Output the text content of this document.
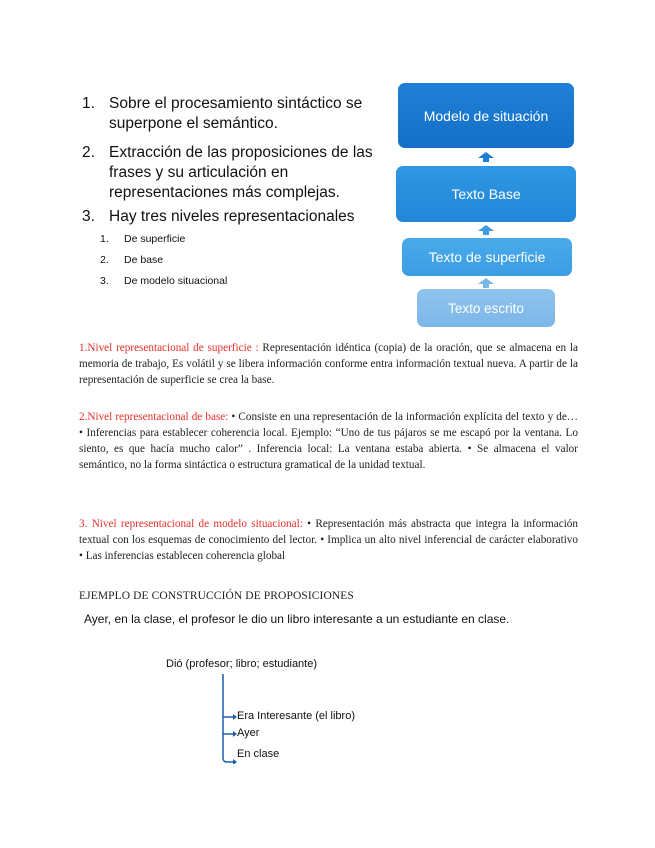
1. Sobre el procesamiento sintáctico se
superpone el semántico.
2. Extracción de las proposiciones de las
frases y su articulación en
representaciones más complejas.
3. Hay tres niveles representacionales
1. De superficie
2. De base
3. De modelo situacional
Modelo de situación
Texto Base
Texto de superficie
Texto escrito
1.Nivel representacional de superficie : Representación idéntica (copia) de la oración, que se almacena en la memoria de trabajo, Es volátil y se libera información conforme entra información textual nueva. A partir de la representación de superficie se crea la base.
2.Nivel representacional de base: • Consiste en una representación de la información explícita del texto y de… • Inferencias para establecer coherencia local. Ejemplo: “Uno de tus pájaros se me escapó por la ventana. Lo siento, es que hacía mucho calor” . Inferencia local: La ventana estaba abierta. • Se almacena el valor semántico, no la forma sintáctica o estructura gramatical de la unidad textual.
3. Nivel representacional de modelo situacional: • Representación más abstracta que integra la información textual con los esquemas de conocimiento del lector. • Implica un alto nivel inferencial de carácter elaborativo • Las inferencias establecen coherencia global
EJEMPLO DE CONSTRUCCIÓN DE PROPOSICIONES
Ayer, en la clase, el profesor le dio un libro interesante a un estudiante en clase.
Dió (profesor; libro; estudiante)
Era Interesante (el libro)
Ayer
En clase
